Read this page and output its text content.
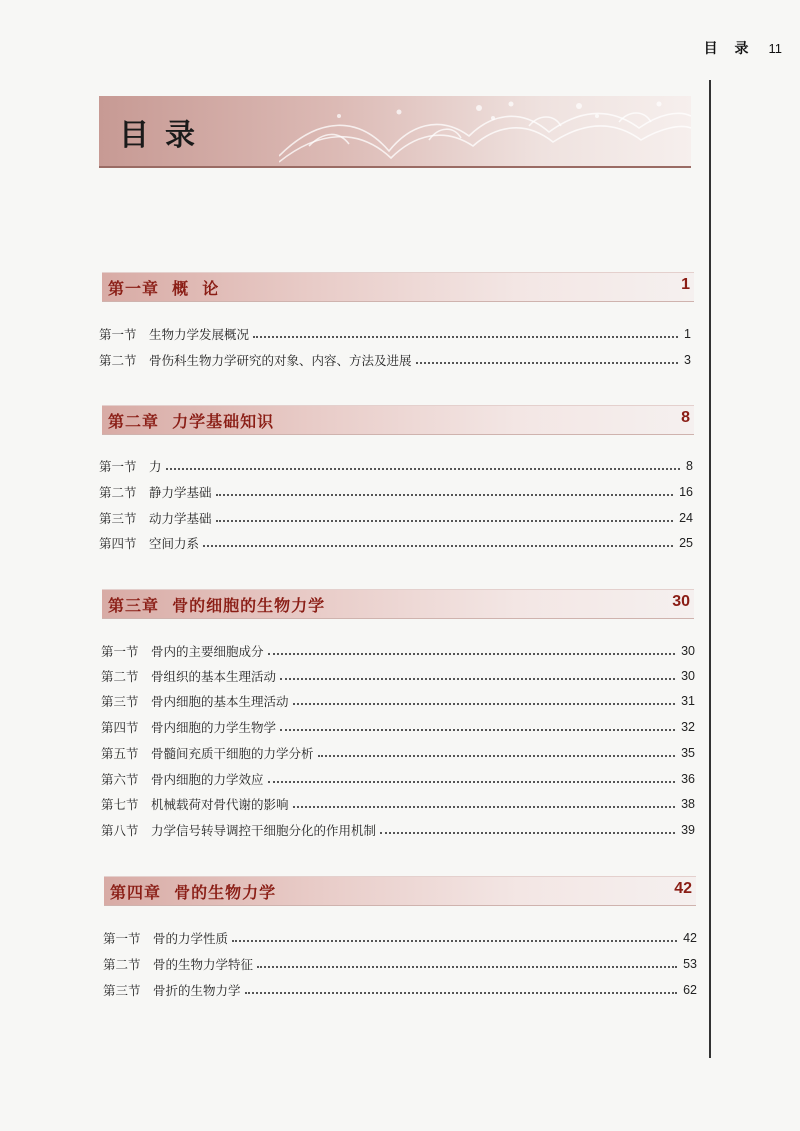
目 录 11
目录
第一章  概  论	1
第一节 生物力学发展概况	1
第二节 骨伤科生物力学研究的对象、内容、方法及进展	3
第二章  力学基础知识	8
第一节 力	8
第二节 静力学基础	16
第三节 动力学基础	24
第四节 空间力系	25
第三章  骨的细胞的生物力学	30
第一节 骨内的主要细胞成分	30
第二节 骨组织的基本生理活动	30
第三节 骨内细胞的基本生理活动	31
第四节 骨内细胞的力学生物学	32
第五节 骨髓间充质干细胞的力学分析	35
第六节 骨内细胞的力学效应	36
第七节 机械载荷对骨代谢的影响	38
第八节 力学信号转导调控干细胞分化的作用机制	39
第四章  骨的生物力学	42
第一节 骨的力学性质	42
第二节 骨的生物力学特征	53
第三节 骨折的生物力学	62
